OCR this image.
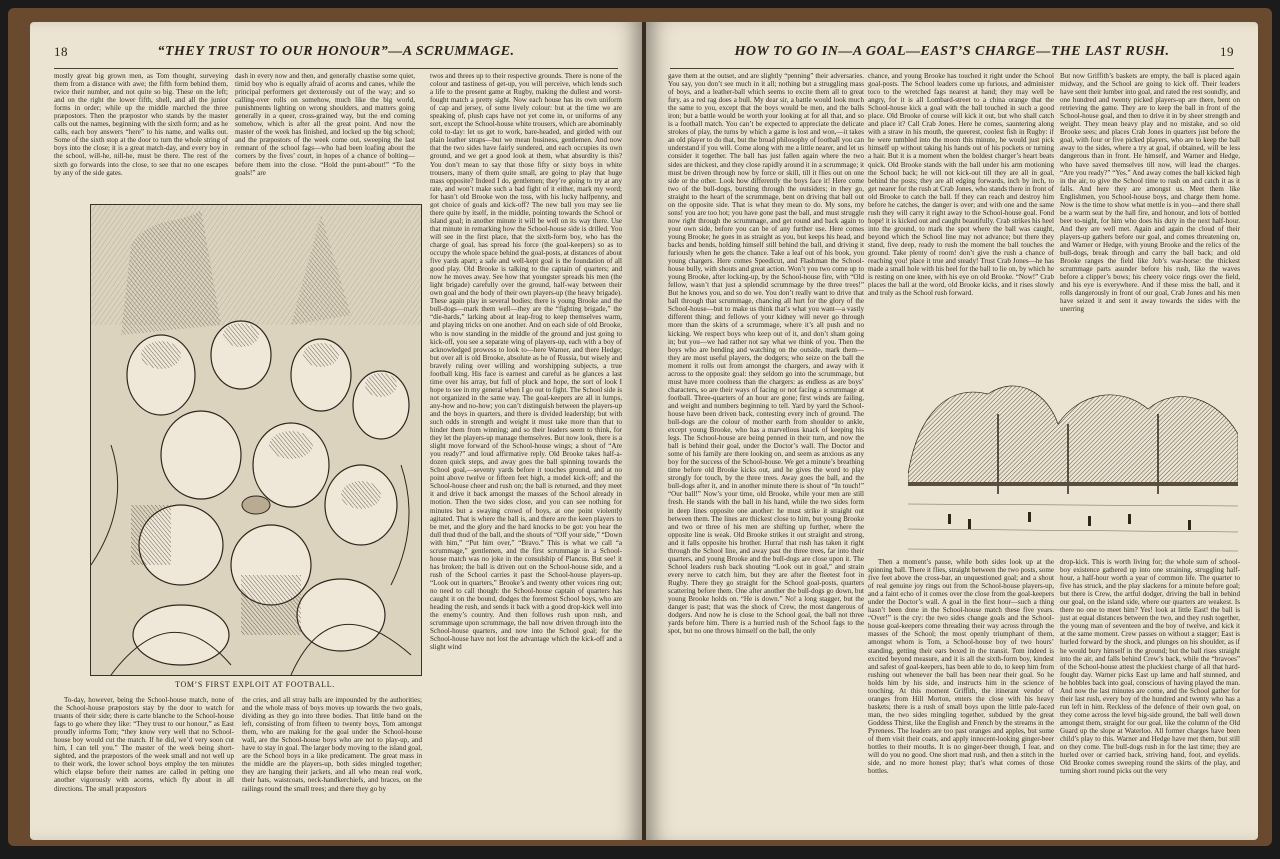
18	“THEY TRUST TO OUR HONOUR”—A SCRUMMAGE.

mostly great big grown men, as Tom thought, surveying them from a distance with awe; the fifth form behind them, twice their number, and not quite so big. These on the left; and on the right the lower fifth, shell, and all the junior forms in order; while up the middle marched the three præpostors. Then the præpostor who stands by the master calls out the names, beginning with the sixth form; and as he calls, each boy answers “here” to his name, and walks out. Some of the sixth stop at the door to turn the whole string of boys into the close; it is a great match-day, and every boy in the school, will-he, nill-he, must be there. The rest of the sixth go forwards into the close, to see that no one escapes by any of the side gates.

dash in every now and then, and generally chastise some quiet, timid boy who is equally afraid of acorns and canes, while the principal performers get dexterously out of the way; and so calling-over rolls on somehow, much like the big world, punishments lighting on wrong shoulders, and matters going generally in a queer, cross-grained way, but the end coming somehow, which is after all the great point. And now the master of the week has finished, and locked up the big school; and the præpostors of the week come out, sweeping the last remnant of the school fags—who had been loafing about the corners by the fives’ court, in hopes of a chance of bolting—before them into the close. “Hold the punt-about!” “To the goals!” are

twos and threes up to their respective grounds. There is none of the colour and tastiness of get-up, you will perceive, which lends such a life to the present game at Rugby, making the dullest and worst-fought match a pretty sight. Now each house has its own uniform of cap and jersey, of some lively colour: but at the time we are speaking of, plush caps have not yet come in, or uniforms of any sort, except the School-house white trousers, which are abominably cold to-day: let us get to work, bare-headed, and girded with our plain leather straps—but we mean business, gentlemen. And now that the two sides have fairly sundered, and each occupies its own ground, and we get a good look at them, what absurdity is this? You don’t mean to say that those fifty or sixty boys in white trousers, many of them quite small, are going to play that huge mass opposite? Indeed I do, gentlemen; they’re going to try at any rate, and won’t make such a bad fight of it either, mark my word; for hasn’t old Brooke won the toss, with his lucky halfpenny, and got choice of goals and kick-off? The new ball you may see lie there quite by itself, in the middle, pointing towards the School or island goal; in another minute it will be well on its way there. Use that minute in remarking how the School-house side is drilled. You will see in the first place, that the sixth-form boy, who has the charge of goal, has spread his force (the goal-keepers) so as to occupy the whole space behind the goal-posts, at distances of about five yards apart; a safe and well-kept goal is the foundation of all good play. Old Brooke is talking to the captain of quarters; and now he moves away. See how that youngster spreads his men (the light brigade) carefully over the ground, half-way between their own goal and the body of their own players-up (the heavy brigade). These again play in several bodies; there is young Brooke and the bull-dogs—mark them well—they are the “fighting brigade,” the “die-hards,” larking about at leap-frog to keep themselves warm, and playing tricks on one another. And on each side of old Brooke, who is now standing in the middle of the ground and just going to kick-off, you see a separate wing of players-up, each with a boy of acknowledged prowess to look to—here Warner, and there Hedge; but over all is old Brooke, absolute as he of Russia, but wisely and bravely ruling over willing and worshipping subjects, a true football king. His face is earnest and careful as he glances a last time over his array, but full of pluck and hope, the sort of look I hope to see in my general when I go out to fight. The School side is not organized in the same way. The goal-keepers are all in lumps, any-how and no-how; you can’t distinguish between the players-up and the boys in quarters, and there is divided leadership; but with such odds in strength and weight it must take more than that to hinder them from winning; and so their leaders seem to think, for they let the players-up manage themselves. But now look, there is a slight move forward of the School-house wings; a shout of “Are you ready?” and loud affirmative reply. Old Brooke takes half-a-dozen quick steps, and away goes the ball spinning towards the School goal,—seventy yards before it touches ground, and at no point above twelve or fifteen feet high, a model kick-off; and the School-house cheer and rush on; the ball is returned, and they meet it and drive it back amongst the masses of the School already in motion. Then the two sides close, and you can see nothing for minutes but a swaying crowd of boys, at one point violently agitated. That is where the ball is, and there are the keen players to be met, and the glory and the hard knocks to be got: you hear the dull thud thud of the ball, and the shouts of “Off your side,” “Down with him,” “Put him over,” “Bravo.” This is what we call “a scrummage,” gentlemen, and the first scrummage in a School-house match was no joke in the consulship of Plancus. But see! it has broken; the ball is driven out on the School-house side, and a rush of the School carries it past the School-house players-up. “Look out in quarters,” Brooke’s and twenty other voices ring out; no need to call though: the School-house captain of quarters has caught it on the bound, dodges the foremost School boys, who are heading the rush, and sends it back with a good drop-kick well into the enemy’s country. And then follows rush upon rush, and scrummage upon scrummage, the ball now driven through into the School-house quarters, and now into the School goal; for the School-house have not lost the advantage which the kick-off and a slight wind

TOM’S FIRST EXPLOIT AT FOOTBALL.

To-day, however, being the School-house match, none of the School-house præpostors stay by the door to watch for truants of their side; there is carte blanche to the School-house fags to go where they like: “They trust to our honour,” as East proudly informs Tom; “they know very well that no School-house boy would cut the match. If he did, we’d very soon cut him, I can tell you.” The master of the week being short-sighted, and the præpostors of the week small and not well up to their work, the lower school boys employ the ten minutes which elapse before their names are called in pelting one another vigorously with acorns, which fly about in all directions. The small præpostors

the cries, and all stray balls are impounded by the authorities; and the whole mass of boys moves up towards the two goals, dividing as they go into three bodies. That little band on the left, consisting of from fifteen to twenty boys, Tom amongst them, who are making for the goal under the School-house wall, are the School-house boys who are not to play-up, and have to stay in goal. The larger body moving to the island goal, are the School boys in a like predicament. The great mass in the middle are the players-up, both sides mingled together; they are hanging their jackets, and all who mean real work, their hats, waistcoats, neck-handkerchiefs, and braces, on the railings round the small trees; and there they go by

HOW TO GO IN—A GOAL—EAST’S CHARGE—THE LAST RUSH.	19

gave them at the outset, and are slightly “penning” their adversaries. You say, you don’t see much in it all; nothing but a struggling mass of boys, and a leather-ball which seems to excite them all to great fury, as a red rag does a bull. My dear sir, a battle would look much the same to you, except that the boys would be men, and the balls iron; but a battle would be worth your looking at for all that, and so is a football match. You can’t be expected to appreciate the delicate strokes of play, the turns by which a game is lost and won,—it takes an old player to do that, but the broad philosophy of football you can understand if you will. Come along with me a little nearer, and let us consider it together. The ball has just fallen again where the two sides are thickest, and they close rapidly around it in a scrummage; it must be driven through now by force or skill, till it flies out on one side or the other. Look how differently the boys face it! Here come two of the bull-dogs, bursting through the outsiders; in they go, straight to the heart of the scrummage, bent on driving that ball out on the opposite side. That is what they mean to do. My sons, my sons! you are too hot; you have gone past the ball, and must struggle now right through the scrummage, and get round and back again to your own side, before you can be of any further use. Here comes young Brooke; he goes in as straight as you, but keeps his head, and backs and bends, holding himself still behind the ball, and driving it furiously when he gets the chance. Take a leaf out of his book, you young chargers. Here comes Speedicut, and Flashman the School-house bully, with shouts and great action. Won’t you two come up to young Brooke, after locking-up, by the School-house fire, with “Old fellow, wasn’t that just a splendid scrummage by the three trees!” But he knows you, and so do we. You don’t really want to drive that ball through that scrummage, chancing all hurt for the glory of the School-house—but to make us think that’s what you want—a vastly different thing; and fellows of your kidney will never go through more than the skirts of a scrummage, where it’s all push and no kicking. We respect boys who keep out of it, and don’t sham going in; but you—we had rather not say what we think of you. Then the boys who are bending and watching on the outside, mark them—they are most useful players, the dodgers; who seize on the ball the moment it rolls out from amongst the chargers, and away with it across to the opposite goal: they seldom go into the scrummage, but must have more coolness than the chargers: as endless as are boys’ characters, so are their ways of facing or not facing a scrummage at football. Three-quarters of an hour are gone; first winds are failing, and weight and numbers beginning to tell. Yard by yard the School-house have been driven back, contesting every inch of ground. The bull-dogs are the colour of mother earth from shoulder to ankle, except young Brooke, who has a marvellous knack of keeping his legs. The School-house are being penned in their turn, and now the ball is behind their goal, under the Doctor’s wall. The Doctor and some of his family are there looking on, and seem as anxious as any boy for the success of the School-house. We get a minute’s breathing time before old Brooke kicks out, and he gives the word to play strongly for touch, by the three trees. Away goes the ball, and the bull-dogs after it, and in another minute there is shout of “In touch!” “Our ball!” Now’s your time, old Brooke, while your men are still fresh. He stands with the ball in his hand, while the two sides form in deep lines opposite one another: he must strike it straight out between them. The lines are thickest close to him, but young Brooke and two or three of his men are shifting up further, where the opposite line is weak. Old Brooke strikes it out straight and strong, and it falls opposite his brother. Hurra! that rush has taken it right through the School line, and away past the three trees, far into their quarters, and young Brooke and the bull-dogs are close upon it. The School leaders rush back shouting “Look out in goal,” and strain every nerve to catch him, but they are after the fleetest foot in Rugby. There they go straight for the School goal-posts, quarters scattering before them. One after another the bull-dogs go down, but young Brooke holds on. “He is down.” No! a long stagger, but the danger is past; that was the shock of Crew, the most dangerous of dodgers. And now he is close to the School goal, the ball not three yards before him. There is a hurried rush of the School fags to the spot, but no one throws himself on the ball, the only

chance, and young Brooke has touched it right under the School goal-posts. The School leaders come up furious, and administer toco to the wretched fags nearest at hand; they may well be angry, for it is all Lombard-street to a china orange that the School-house kick a goal with the ball touched in such a good place. Old Brooke of course will kick it out, but who shall catch and place it? Call Crab Jones. Here he comes, sauntering along with a straw in his mouth, the queerest, coolest fish in Rugby: if he were tumbled into the moon this minute, he would just pick himself up without taking his hands out of his pockets or turning a hair. But it is a moment when the boldest charger’s heart beats quick. Old Brooke stands with the ball under his arm motioning the School back; he will not kick-out till they are all in goal, behind the posts; they are all edging forwards, inch by inch, to get nearer for the rush at Crab Jones, who stands there in front of old Brooke to catch the ball. If they can reach and destroy him before he catches, the danger is over; and with one and the same rush they will carry it right away to the School-house goal. Fond hope! it is kicked out and caught beautifully. Crab strikes his heel into the ground, to mark the spot where the ball was caught, beyond which the School line may not advance; but there they stand, five deep, ready to rush the moment the ball touches the ground. Take plenty of room! don’t give the rush a chance of reaching you! place it true and steady! Trust Crab Jones—he has made a small hole with his heel for the ball to lie on, by which he is resting on one knee, with his eye on old Brooke. “Now!” Crab places the ball at the word, old Brooke kicks, and it rises slowly and truly as the School rush forward.

But now Griffith’s baskets are empty, the ball is placed again midway, and the School are going to kick off. Their leaders have sent their lumber into goal, and rated the rest soundly, and one hundred and twenty picked players-up are there, bent on retrieving the game. They are to keep the ball in front of the School-house goal, and then to drive it in by sheer strength and weight. They mean heavy play and no mistake, and so old Brooke sees; and places Crab Jones in quarters just before the goal, with four or five picked players, who are to keep the ball away to the sides, where a try at goal, if obtained, will be less dangerous than in front. He himself, and Warner and Hedge, who have saved themselves till now, will lead the charges. “Are you ready?” “Yes.” And away comes the ball kicked high in the air, to give the School time to rush on and catch it as it falls. And here they are amongst us. Meet them like Englishmen, you School-house boys, and charge them home. Now is the time to show what mettle is in you—and there shall be a warm seat by the hall fire, and honour, and lots of bottled beer to-night, for him who does his duty in the next half-hour. And they are well met. Again and again the cloud of their players-up gathers before our goal, and comes threatening on, and Warner or Hedge, with young Brooke and the relics of the bull-dogs, break through and carry the ball back; and old Brooke ranges the field like Job’s war-horse: the thickest scrummage parts asunder before his rush, like the waves before a clipper’s bows; his cheery voice rings over the field, and his eye is everywhere. And if these miss the ball, and it rolls dangerously in front of our goal, Crab Jones and his men have seized it and sent it away towards the sides with the unerring

Then a moment’s pause, while both sides look up at the spinning ball. There it flies, straight between the two posts, some five feet above the cross-bar, an unquestioned goal; and a shout of real genuine joy rings out from the School-house players-up, and a faint echo of it comes over the close from the goal-keepers under the Doctor’s wall. A goal in the first hour—such a thing hasn’t been done in the School-house match these five years. “Over!” is the cry: the two sides change goals and the School-house goal-keepers come threading their way across through the masses of the School; the most openly triumphant of them, amongst whom is Tom, a School-house boy of two hours’ standing, getting their ears boxed in the transit. Tom indeed is excited beyond measure, and it is all the sixth-form boy, kindest and safest of goal-keepers, has been able to do, to keep him from rushing out whenever the ball has been near their goal. So he holds him by his side, and instructs him in the science of touching. At this moment Griffith, the itinerant vendor of oranges from Hill Morton, enters the close with his heavy baskets; there is a rush of small boys upon the little pale-faced man, the two sides mingling together, subdued by the great Goddess Thirst, like the English and French by the streams in the Pyrenees. The leaders are too past oranges and apples, but some of them visit their coats, and apply innocent-looking ginger-beer bottles to their mouths. It is no ginger-beer though, I fear, and will do you no good. One short mad rush, and then a stitch in the side, and no more honest play; that’s what comes of those bottles.

drop-kick. This is worth living for; the whole sum of school-boy existence gathered up into one straining, struggling half-hour, a half-hour worth a year of common life. The quarter to five has struck, and the play slackens for a minute before goal; but there is Crew, the artful dodger, driving the ball in behind our goal, on the island side, where our quarters are weakest. Is there no one to meet him? Yes! look at little East! the ball is just at equal distances between the two, and they rush together, the young man of seventeen and the boy of twelve, and kick it at the same moment. Crew passes on without a stagger; East is hurled forward by the shock, and plunges on his shoulder, as if he would bury himself in the ground; but the ball rises straight into the air, and falls behind Crew’s back, while the “bravoes” of the School-house attest the pluckiest charge of all that hard-fought day. Warner picks East up lame and half stunned, and he hobbles back into goal, conscious of having played the man. And now the last minutes are come, and the School gather for their last rush, every boy of the hundred and twenty who has a run left in him. Reckless of the defence of their own goal, on they come across the level big-side ground, the ball well down amongst them, straight for our goal, like the column of the Old Guard up the slope at Waterloo. All former charges have been child’s play to this. Warner and Hedge have met them, but still on they come. The bull-dogs rush in for the last time; they are hurled over or carried back, striving hand, foot, and eyelids. Old Brooke comes sweeping round the skirts of the play, and turning short round picks out the very
